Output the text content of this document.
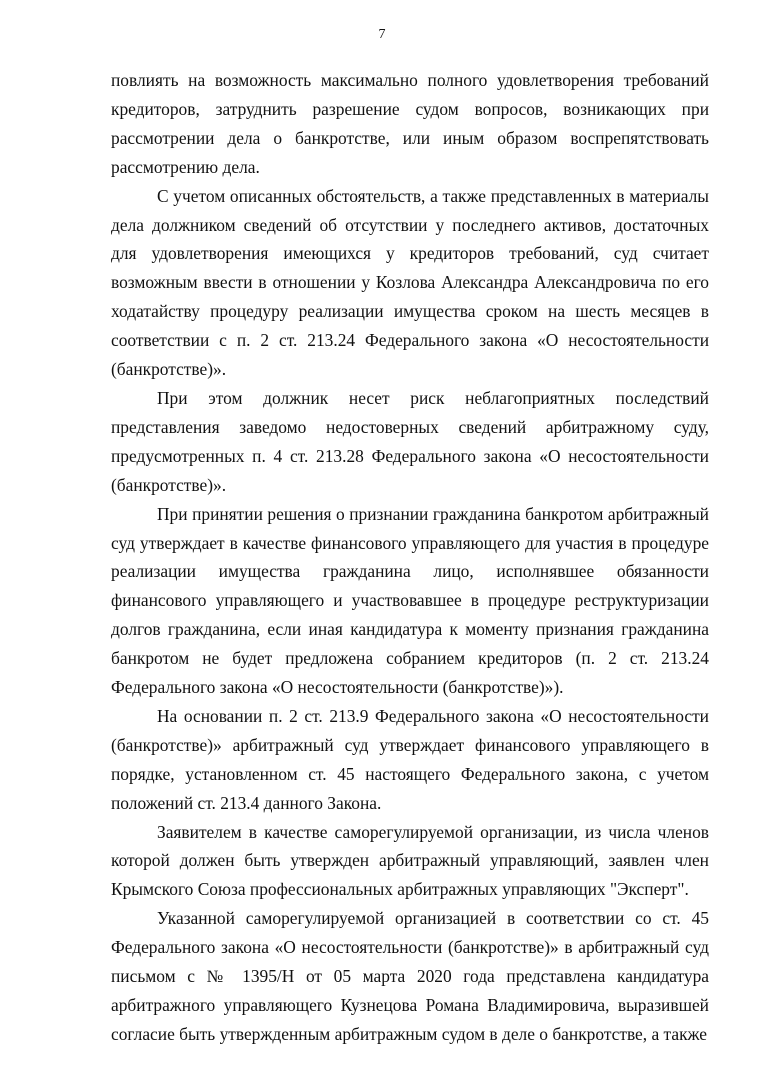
7

повлиять на возможность максимально полного удовлетворения требований кредиторов, затруднить разрешение судом вопросов, возникающих при рассмотрении дела о банкротстве, или иным образом воспрепятствовать рассмотрению дела.

С учетом описанных обстоятельств, а также представленных в материалы дела должником сведений об отсутствии у последнего активов, достаточных для удовлетворения имеющихся у кредиторов требований, суд считает возможным ввести в отношении у Козлова Александра Александровича по его ходатайству процедуру реализации имущества сроком на шесть месяцев в соответствии с п. 2 ст. 213.24 Федерального закона «О несостоятельности (банкротстве)».

При этом должник несет риск неблагоприятных последствий представления заведомо недостоверных сведений арбитражному суду, предусмотренных п. 4 ст. 213.28 Федерального закона «О несостоятельности (банкротстве)».

При принятии решения о признании гражданина банкротом арбитражный суд утверждает в качестве финансового управляющего для участия в процедуре реализации имущества гражданина лицо, исполнявшее обязанности финансового управляющего и участвовавшее в процедуре реструктуризации долгов гражданина, если иная кандидатура к моменту признания гражданина банкротом не будет предложена собранием кредиторов (п. 2 ст. 213.24 Федерального закона «О несостоятельности (банкротстве)»).

На основании п. 2 ст. 213.9 Федерального закона «О несостоятельности (банкротстве)» арбитражный суд утверждает финансового управляющего в порядке, установленном ст. 45 настоящего Федерального закона, с учетом положений ст. 213.4 данного Закона.

Заявителем в качестве саморегулируемой организации, из числа членов которой должен быть утвержден арбитражный управляющий, заявлен член Крымского Союза профессиональных арбитражных управляющих "Эксперт".

Указанной саморегулируемой организацией в соответствии со ст. 45 Федерального закона «О несостоятельности (банкротстве)» в арбитражный суд письмом с № 1395/Н от 05 марта 2020 года представлена кандидатура арбитражного управляющего Кузнецова Романа Владимировича, выразившей согласие быть утвержденным арбитражным судом в деле о банкротстве, а также
